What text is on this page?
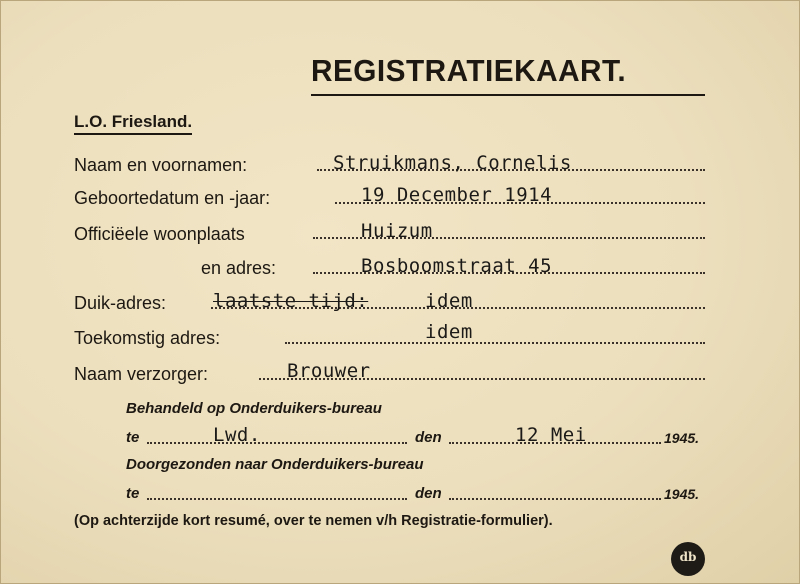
REGISTRATIEKAART.
L.O. Friesland.
Naam en voornamen:	Struikmans, Cornelis
Geboortedatum en -jaar:	19 December 1914
Officiëele woonplaats	Huizum
en adres:	Bosboomstraat 45
Duik-adres: laatste tijd:	idem
Toekomstig adres:	idem
Naam verzorger:	Brouwer
Behandeld op Onderduikers-bureau
te	Lwd.	den	12 Mei	1945.
Doorgezonden naar Onderduikers-bureau
te	den	1945.
(Op achterzijde kort resumé, over te nemen v/h Registratie-formulier).
db
